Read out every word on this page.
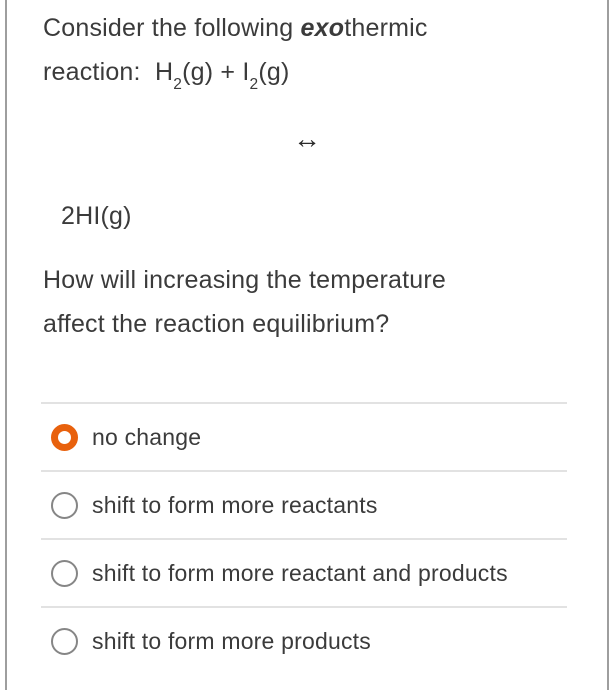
Consider the following exothermic
reaction:  $H_2(g) + I_2(g)$
↔
2HI(g)
How will increasing the temperature
affect the reaction equilibrium?
no change
shift to form more reactants
shift to form more reactant and products
shift to form more products
